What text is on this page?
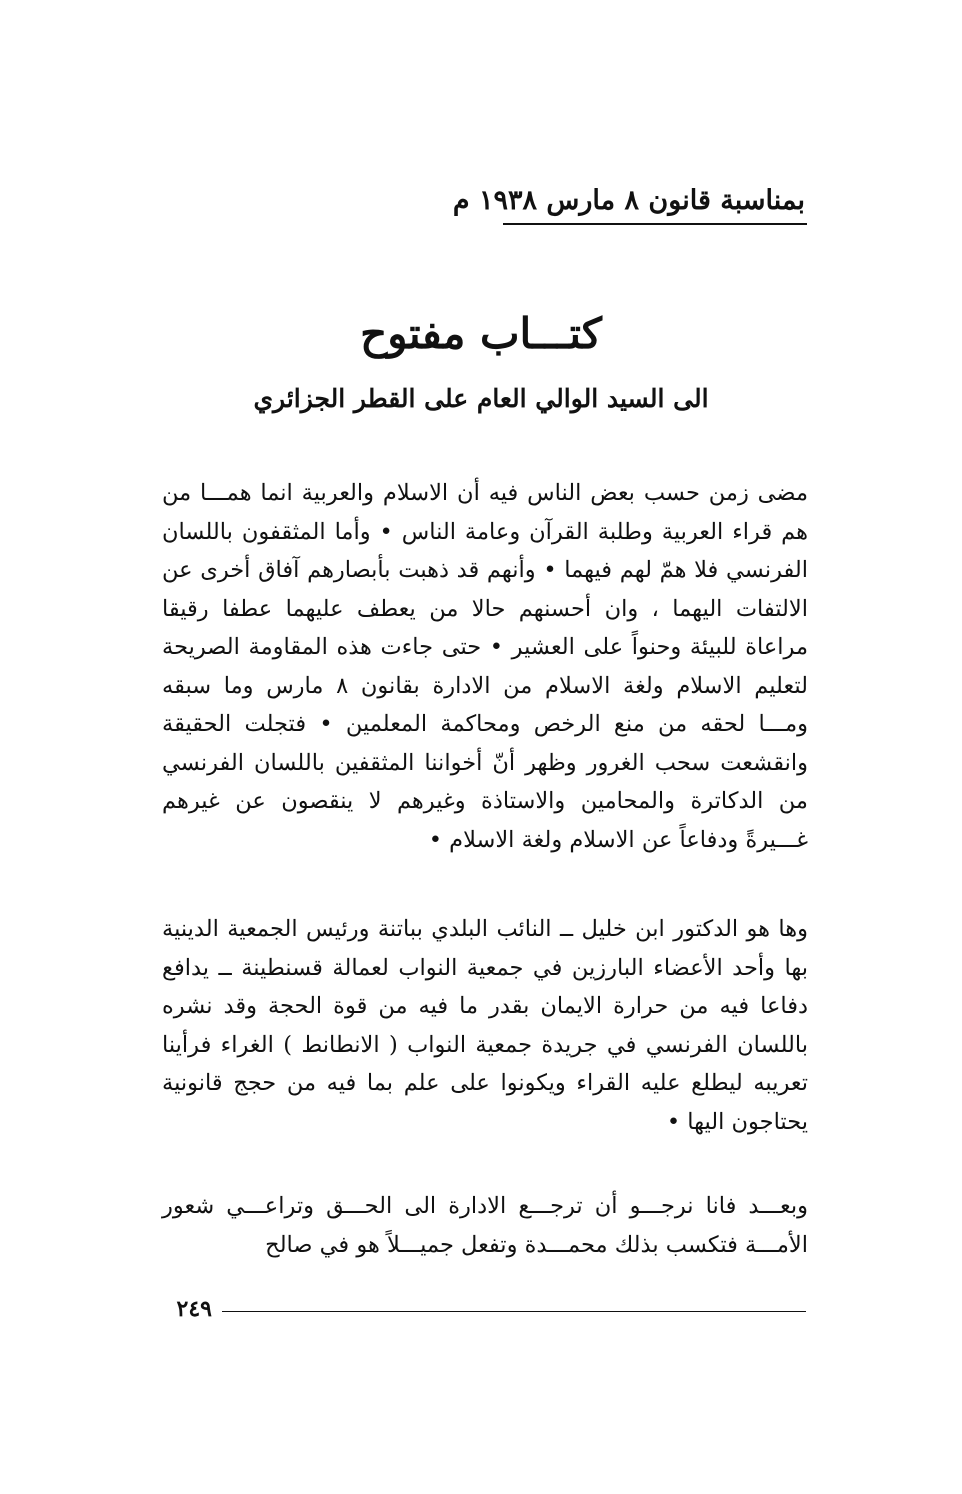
بمناسبة قانون ٨ مارس ١٩٣٨ م
كتـــاب مفتوح
الى السيد الوالي العام على القطر الجزائري

مضى زمن حسب بعض الناس فيه أن الاسلام والعربية انما همـــا من هم قراء العربية وطلبة القرآن وعامة الناس • وأما المثقفون باللسان الفرنسي فلا همّ لهم فيهما • وأنهم قد ذهبت بأبصارهم آفاق أخرى عن الالتفات اليهما ، وان أحسنهم حالا من يعطف عليهما عطفا رقيقا مراعاة للبيئة وحنواً على العشير • حتى جاءت هذه المقاومة الصريحة لتعليم الاسلام ولغة الاسلام من الادارة بقانون ٨ مارس وما سبقه ومـــا لحقه من منع الرخص ومحاكمة المعلمين • فتجلت الحقيقة وانقشعت سحب الغرور وظهر أنّ أخواننا المثقفين باللسان الفرنسي من الدكاترة والمحامين والاستاذة وغيرهم لا ينقصون عن غيرهم غـــيرةً ودفاعاً عن الاسلام ولغة الاسلام •

وها هو الدكتور ابن خليل ــ النائب البلدي بباتنة ورئيس الجمعية الدينية بها وأحد الأعضاء البارزين في جمعية النواب لعمالة قسنطينة ــ يدافع دفاعا فيه من حرارة الايمان بقدر ما فيه من قوة الحجة وقد نشره باللسان الفرنسي في جريدة جمعية النواب ( الانطانط ) الغراء فرأينا تعريبه ليطلع عليه القراء ويكونوا على علم بما فيه من حجج قانونية يحتاجون اليها •

وبعـــد فانا نرجـــو أن ترجـــع الادارة الى الحـــق وتراعـــي شعور الأمـــة فتكسب بذلك محمـــدة وتفعل جميـــلاً هو في صالح

٢٤٩
